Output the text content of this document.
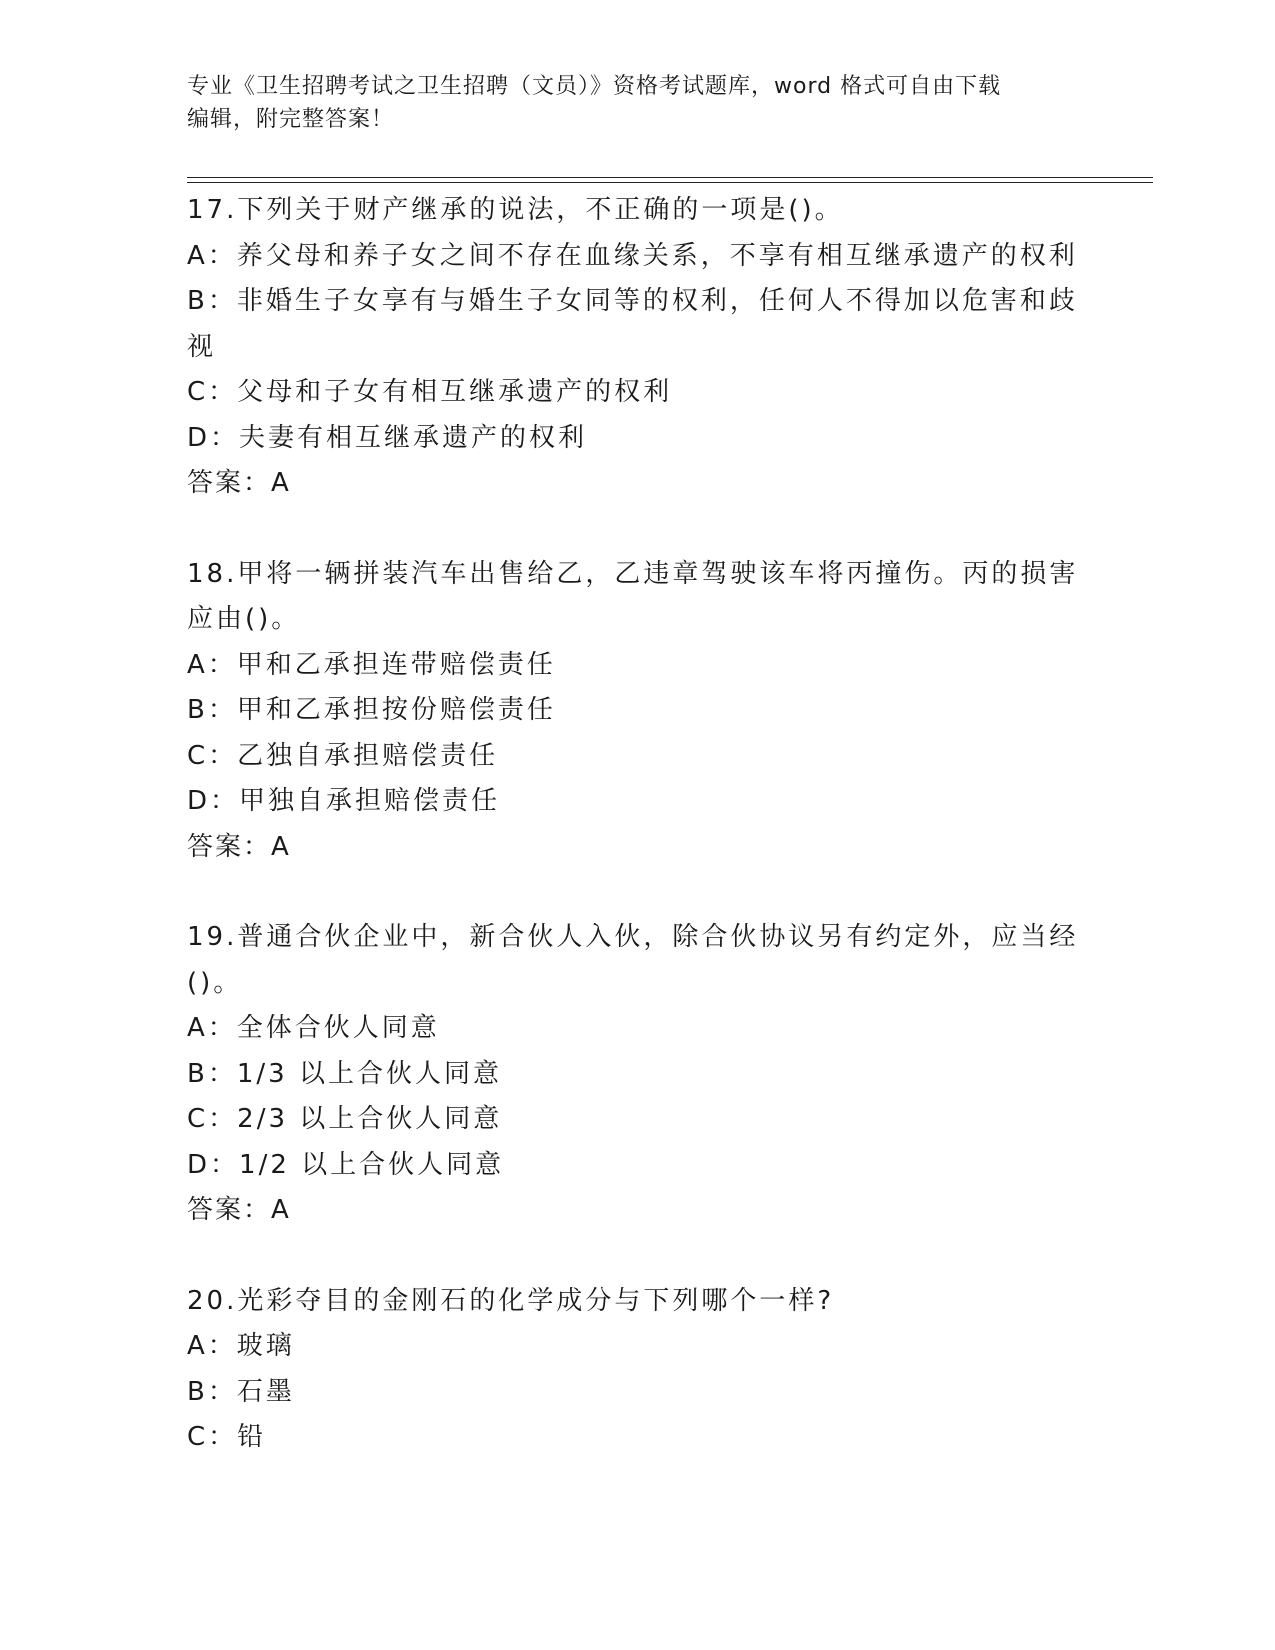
专业《卫生招聘考试之卫生招聘（文员）》资格考试题库，word 格式可自由下载
编辑，附完整答案！

17.下列关于财产继承的说法，不正确的一项是()。

A：养父母和养子女之间不存在血缘关系，不享有相互继承遗产的权利

B：非婚生子女享有与婚生子女同等的权利，任何人不得加以危害和歧

视

C：父母和子女有相互继承遗产的权利

D：夫妻有相互继承遗产的权利

答案：A

18.甲将一辆拼装汽车出售给乙，乙违章驾驶该车将丙撞伤。丙的损害

应由()。

A：甲和乙承担连带赔偿责任

B：甲和乙承担按份赔偿责任

C：乙独自承担赔偿责任

D：甲独自承担赔偿责任

答案：A

19.普通合伙企业中，新合伙人入伙，除合伙协议另有约定外，应当经

()。

A：全体合伙人同意

B：1/3 以上合伙人同意

C：2/3 以上合伙人同意

D：1/2 以上合伙人同意

答案：A

20.光彩夺目的金刚石的化学成分与下列哪个一样?

A：玻璃

B：石墨

C：铅
